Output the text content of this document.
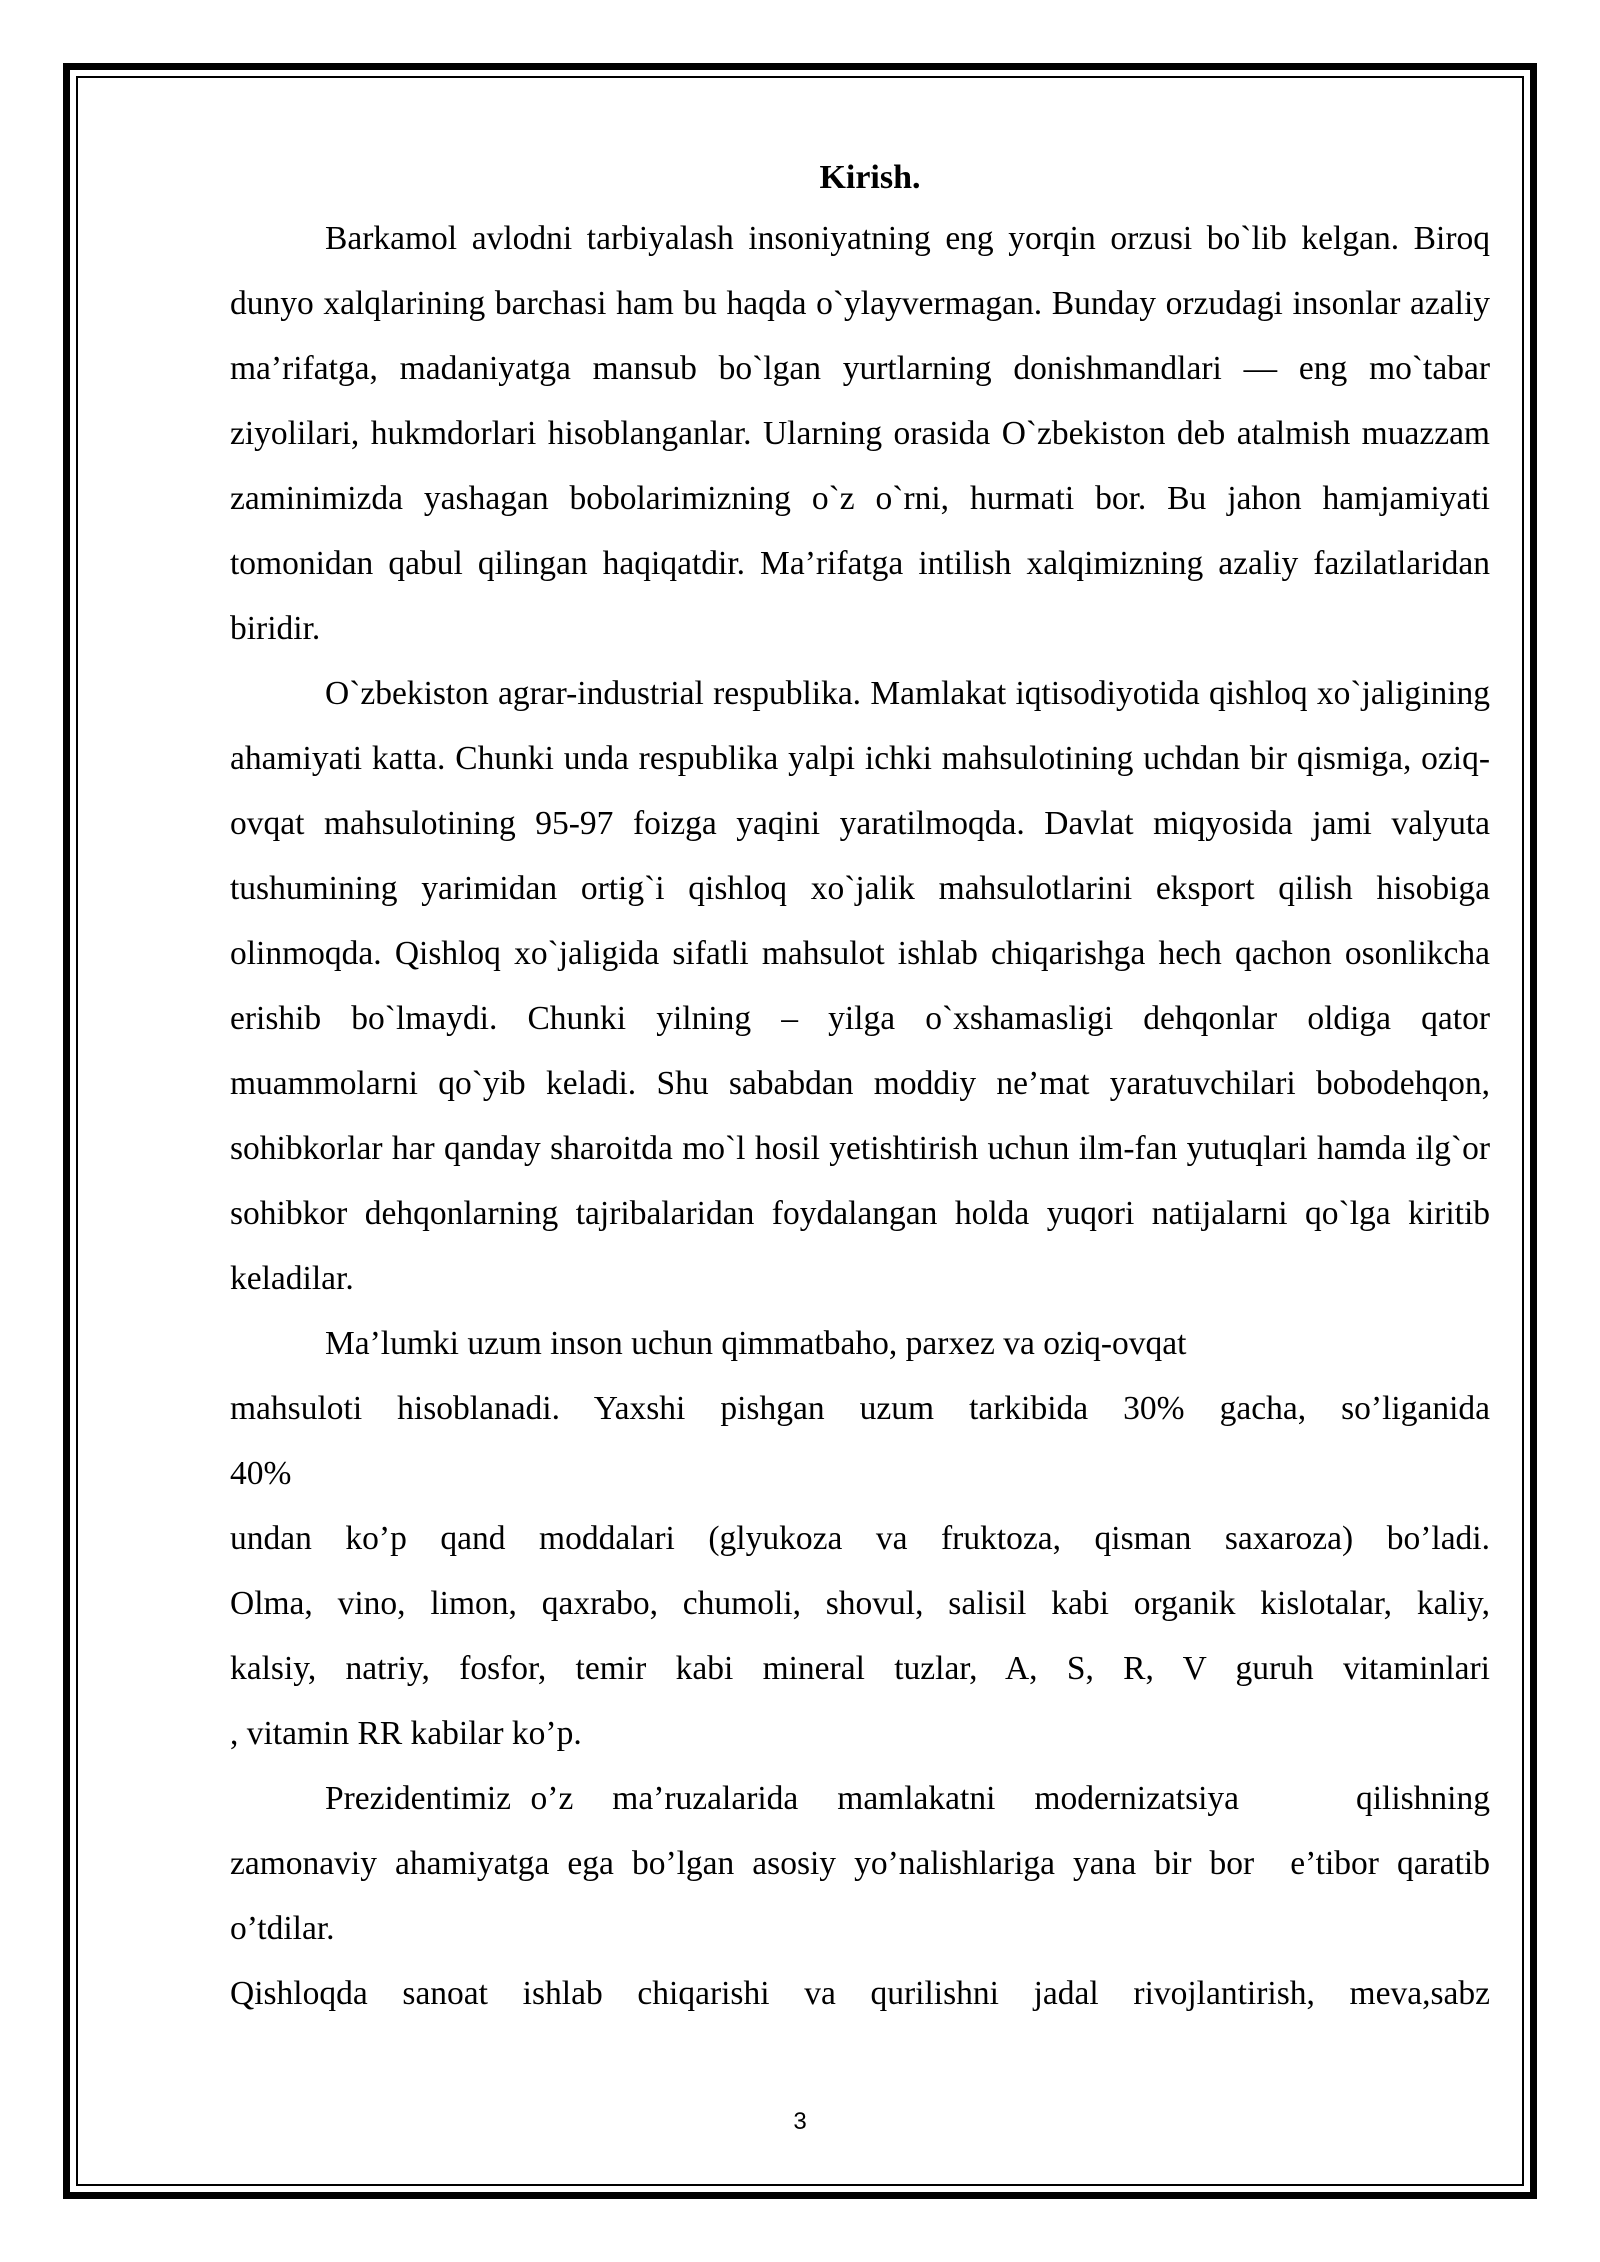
Kirish.

Barkamol avlodni tarbiyalash insoniyatning eng yorqin orzusi bo`lib kelgan. Biroq dunyo xalqlarining barchasi ham bu haqda o`ylayvermagan. Bunday orzudagi insonlar azaliy ma’rifatga, madaniyatga mansub bo`lgan yurtlarning donishmandlari — eng mo`tabar ziyolilari, hukmdorlari hisoblanganlar. Ularning orasida O`zbekiston deb atalmish muazzam zaminimizda yashagan bobolarimizning o`z o`rni, hurmati bor. Bu jahon hamjamiyati tomonidan qabul qilingan haqiqatdir. Ma’rifatga intilish xalqimizning azaliy fazilatlaridan biridir.

O`zbekiston agrar-industrial respublika. Mamlakat iqtisodiyotida qishloq xo`jaligining ahamiyati katta. Chunki unda respublika yalpi ichki mahsulotining uchdan bir qismiga, oziq-ovqat mahsulotining 95-97 foizga yaqini yaratilmoqda. Davlat miqyosida jami valyuta tushumining yarimidan ortig`i qishloq xo`jalik mahsulotlarini eksport qilish hisobiga olinmoqda. Qishloq xo`jaligida sifatli mahsulot ishlab chiqarishga hech qachon osonlikcha erishib bo`lmaydi. Chunki yilning – yilga o`xshamasligi dehqonlar oldiga qator muammolarni qo`yib keladi. Shu sababdan moddiy ne’mat yaratuvchilari bobodehqon, sohibkorlar har qanday sharoitda mo`l hosil yetishtirish uchun ilm-fan yutuqlari hamda ilg`or sohibkor dehqonlarning tajribalaridan foydalangan holda yuqori natijalarni qo`lga kiritib keladilar.

Ma’lumki uzum inson uchun qimmatbaho, parxez va oziq-ovqat

mahsuloti hisoblanadi. Yaxshi pishgan uzum tarkibida 30% gacha, so’liganida

40%

undan ko’p qand moddalari (glyukoza va fruktoza, qisman saxaroza) bo’ladi.

Olma, vino, limon, qaxrabo, chumoli, shovul, salisil kabi organik kislotalar, kaliy,

kalsiy, natriy, fosfor, temir kabi mineral tuzlar, A, S, R, V guruh vitaminlari

, vitamin RR kabilar ko’p.

Prezidentimiz o’z  ma’ruzalarida  mamlakatni  modernizatsiya      qilishning zamonaviy ahamiyatga ega bo’lgan asosiy yo’nalishlariga yana bir bor  e’tibor qaratib o’tdilar.

Qishloqda sanoat ishlab chiqarishi va qurilishni jadal rivojlantirish, meva,sabz

3
